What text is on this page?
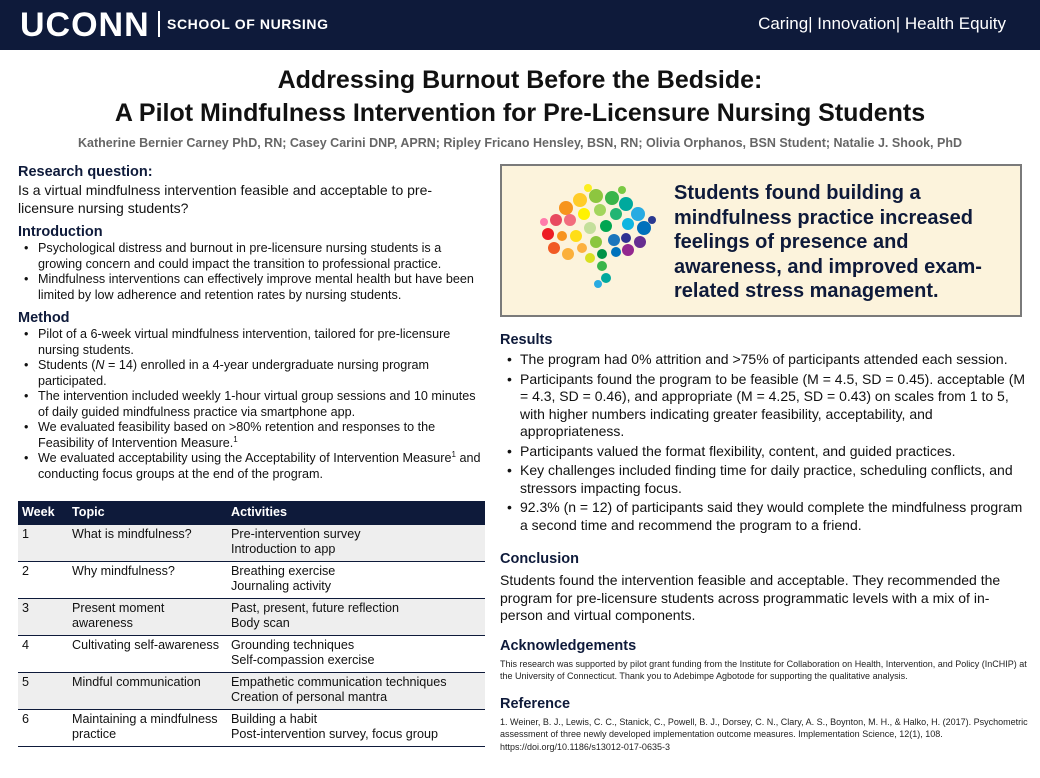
UCONN SCHOOL OF NURSING	Caring| Innovation| Health Equity
Addressing Burnout Before the Bedside:
A Pilot Mindfulness Intervention for Pre-Licensure Nursing Students
Katherine Bernier Carney PhD, RN; Casey Carini DNP, APRN; Ripley Fricano Hensley, BSN, RN; Olivia Orphanos, BSN Student; Natalie J. Shook, PhD
Research question:
Is a virtual mindfulness intervention feasible and acceptable to pre-licensure nursing students?
Introduction
• Psychological distress and burnout in pre-licensure nursing students is a growing concern and could impact the transition to professional practice.
• Mindfulness interventions can effectively improve mental health but have been limited by low adherence and retention rates by nursing students.
Method
• Pilot of a 6-week virtual mindfulness intervention, tailored for pre-licensure nursing students.
• Students (N = 14) enrolled in a 4-year undergraduate nursing program participated.
• The intervention included weekly 1-hour virtual group sessions and 10 minutes of daily guided mindfulness practice via smartphone app.
• We evaluated feasibility based on >80% retention and responses to the Feasibility of Intervention Measure.$^1$
• We evaluated acceptability using the Acceptability of Intervention Measure$^1$ and conducting focus groups at the end of the program.
Week	Topic	Activities
1	What is mindfulness?	Pre-intervention survey
Introduction to app

2	Why mindfulness?	Breathing exercise
Journaling activity

3	Present moment awareness	Past, present, future reflection
Body scan

4	Cultivating self-awareness	Grounding techniques
Self-compassion exercise

5	Mindful communication	Empathetic communication techniques
Creation of personal mantra

6	Maintaining a mindfulness practice	Building a habit
Post-intervention survey, focus group
Students found building a mindfulness practice increased feelings of presence and awareness, and improved exam-related stress management.
Results
• The program had 0% attrition and >75% of participants attended each session.
• Participants found the program to be feasible (M = 4.5, SD = 0.45). acceptable (M = 4.3, SD = 0.46), and appropriate (M = 4.25, SD = 0.43) on scales from 1 to 5, with higher numbers indicating greater feasibility, acceptability, and appropriateness.
• Participants valued the format flexibility, content, and guided practices.
• Key challenges included finding time for daily practice, scheduling conflicts, and stressors impacting focus.
• 92.3% (n = 12) of participants said they would complete the mindfulness program a second time and recommend the program to a friend.
Conclusion
Students found the intervention feasible and acceptable. They recommended the program for pre-licensure students across programmatic levels with a mix of in-person and virtual components.
Acknowledgements
This research was supported by pilot grant funding from the Institute for Collaboration on Health, Intervention, and Policy (InCHIP) at the University of Connecticut. Thank you to Adebimpe Agbotode for supporting the qualitative analysis.
Reference
1. Weiner, B. J., Lewis, C. C., Stanick, C., Powell, B. J., Dorsey, C. N., Clary, A. S., Boynton, M. H., & Halko, H. (2017). Psychometric assessment of three newly developed implementation outcome measures. Implementation Science, 12(1), 108. https://doi.org/10.1186/s13012-017-0635-3
